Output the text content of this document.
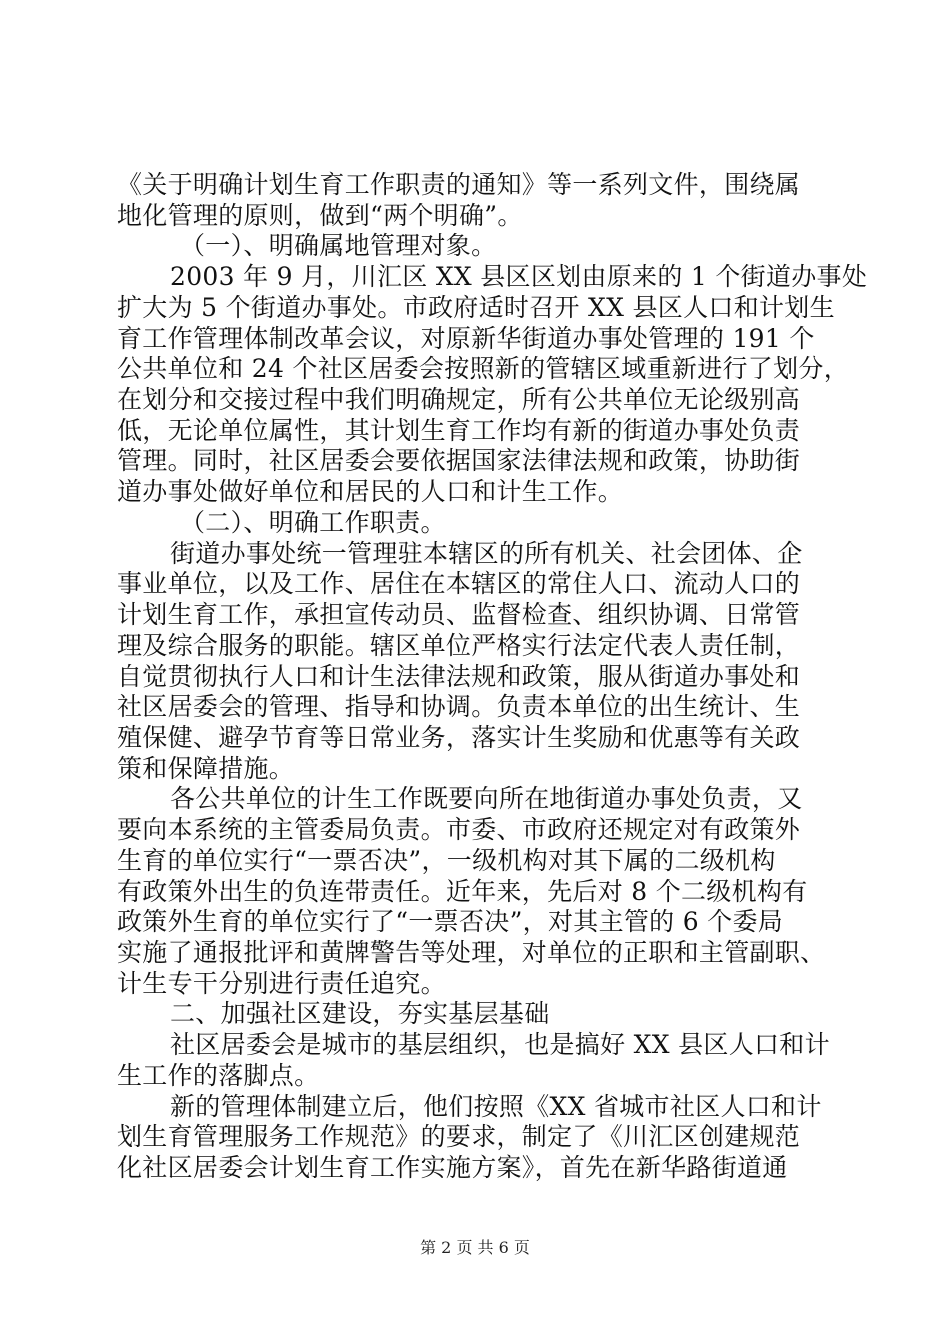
《关于明确计划生育工作职责的通知》等一系列文件，围绕属
地化管理的原则，做到“两个明确”。
（一）、明确属地管理对象。
2003 年 9 月，川汇区 XX 县区区划由原来的 1 个街道办事处
扩大为 5 个街道办事处。市政府适时召开 XX 县区人口和计划生
育工作管理体制改革会议，对原新华街道办事处管理的 191 个
公共单位和 24 个社区居委会按照新的管辖区域重新进行了划分，
在划分和交接过程中我们明确规定，所有公共单位无论级别高
低，无论单位属性，其计划生育工作均有新的街道办事处负责
管理。同时，社区居委会要依据国家法律法规和政策，协助街
道办事处做好单位和居民的人口和计生工作。
（二）、明确工作职责。
街道办事处统一管理驻本辖区的所有机关、社会团体、企
事业单位，以及工作、居住在本辖区的常住人口、流动人口的
计划生育工作，承担宣传动员、监督检查、组织协调、日常管
理及综合服务的职能。辖区单位严格实行法定代表人责任制，
自觉贯彻执行人口和计生法律法规和政策，服从街道办事处和
社区居委会的管理、指导和协调。负责本单位的出生统计、生
殖保健、避孕节育等日常业务，落实计生奖励和优惠等有关政
策和保障措施。
各公共单位的计生工作既要向所在地街道办事处负责，又
要向本系统的主管委局负责。市委、市政府还规定对有政策外
生育的单位实行“一票否决”，一级机构对其下属的二级机构
有政策外出生的负连带责任。近年来，先后对 8 个二级机构有
政策外生育的单位实行了“一票否决”，对其主管的 6 个委局
实施了通报批评和黄牌警告等处理，对单位的正职和主管副职、
计生专干分别进行责任追究。
二、加强社区建设，夯实基层基础
社区居委会是城市的基层组织，也是搞好 XX 县区人口和计
生工作的落脚点。
新的管理体制建立后，他们按照《XX 省城市社区人口和计
划生育管理服务工作规范》的要求，制定了《川汇区创建规范
化社区居委会计划生育工作实施方案》，首先在新华路街道通
第 2 页 共 6 页
